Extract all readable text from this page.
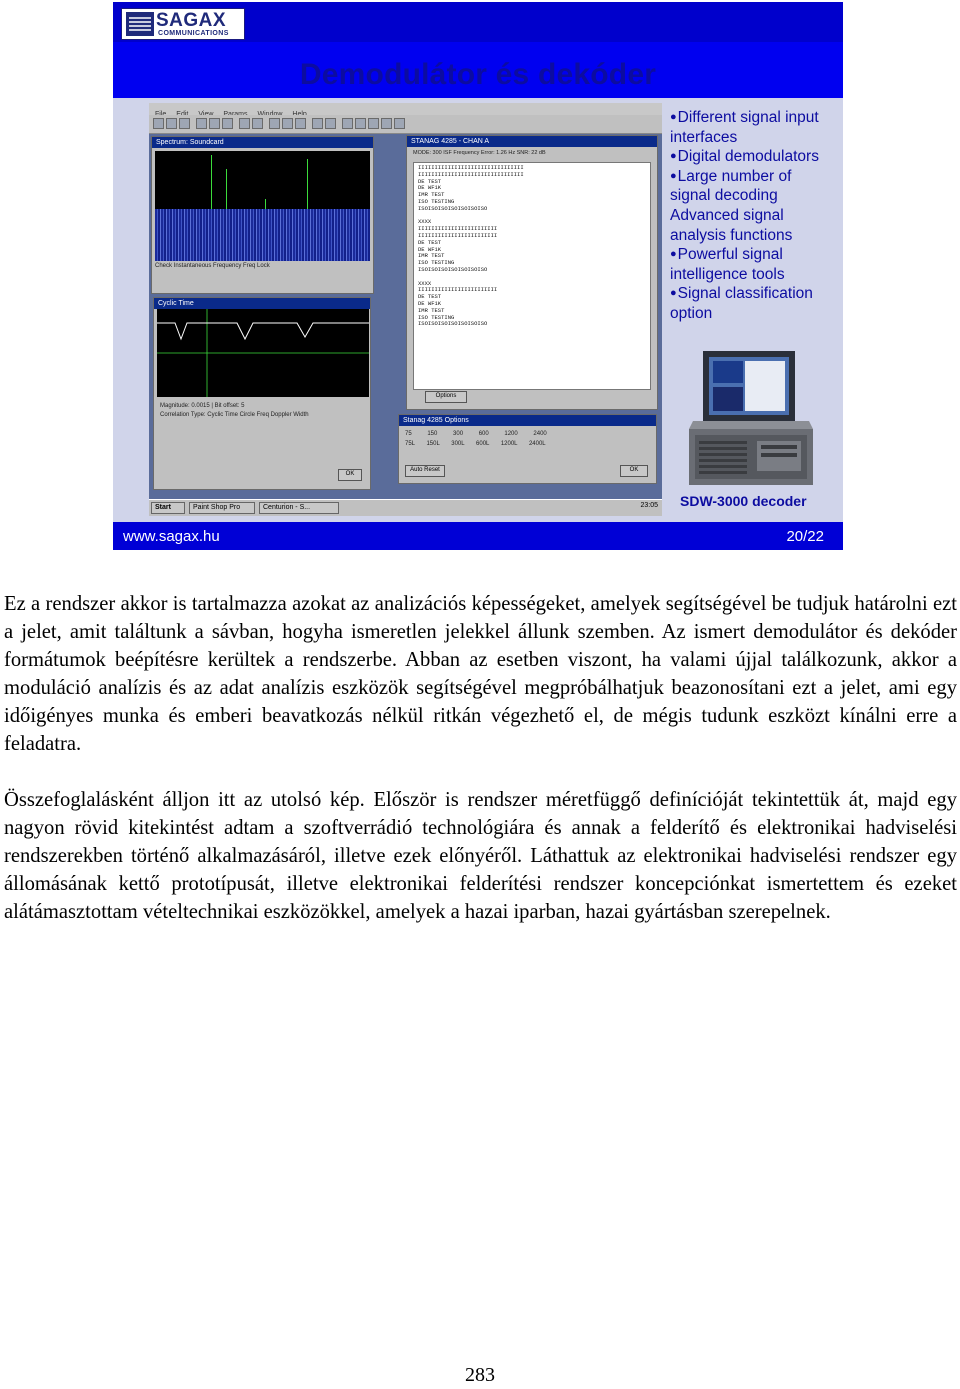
SAGAX
COMMUNICATIONS
Demodulátor és dekóder
Spectrum: Soundcard
Check Instantaneous Frequency Freq Lock
Cyclic Time
Magnitude: 0.0015 | Bit offset: 5
Correlation Type: Cyclic Time Circle Freq Doppler Width
OK
STANAG 4285 - CHAN A
MODE: 300 ISF Frequency Error: 1.26 Hz SNR: 22 dB
IIIIIIIIIIIIIIIIIIIIIIIIIIIIIIII
IIIIIIIIIIIIIIIIIIIIIIIIIIIIIIII
DE TEST
DE WF1K
IMR TEST
ISO TESTING
ISOISOISOISOISOISOISO

XXXX
IIIIIIIIIIIIIIIIIIIIIIII
IIIIIIIIIIIIIIIIIIIIIIII
DE TEST
DE WF1K
IMR TEST
ISO TESTING
ISOISOISOISOISOISOISO

XXXX
IIIIIIIIIIIIIIIIIIIIIIII
DE TEST
DE WF1K
IMR TEST
ISO TESTING
ISOISOISOISOISOISOISO
Options
Stanag 4285 Options
75 150 300 600 1200 2400
75L 150L 300L 600L 1200L 2400L
Auto Reset	OK
Start	Paint Shop Pro	Centurion - S...	23:05
●Different signal input
interfaces
●Digital demodulators
●Large number of
signal decoding
Advanced signal
analysis functions
●Powerful signal
intelligence tools
●Signal classification
option
SDW-3000 decoder
www.sagax.hu	20/22
Ez a rendszer akkor is tartalmazza azokat az analizációs képességeket, amelyek segítségével be tudjuk határolni ezt a jelet, amit találtunk a sávban, hogyha ismeretlen jelekkel állunk szemben. Az ismert demodulátor és dekóder formátumok beépítésre kerültek a rendszerbe. Abban az esetben viszont, ha valami újjal találkozunk, akkor a moduláció analízis és az adat analízis eszközök segítségével megpróbálhatjuk beazonosítani ezt a jelet, ami egy időigényes munka és emberi beavatkozás nélkül ritkán végezhető el, de mégis tudunk eszközt kínálni erre a feladatra.
Összefoglalásként álljon itt az utolsó kép. Először is rendszer méretfüggő definícióját tekintettük át, majd egy nagyon rövid kitekintést adtam a szoftverrádió technológiára és annak a felderítő és elektronikai hadviselési rendszerekben történő alkalmazásáról, illetve ezek előnyéről. Láthattuk az elektronikai hadviselési rendszer egy állomásának kettő prototípusát, illetve elektronikai felderítési rendszer koncepciónkat ismertettem és ezeket alátámasztottam vételtechnikai eszközökkel, amelyek a hazai iparban, hazai gyártásban szerepelnek.
283
